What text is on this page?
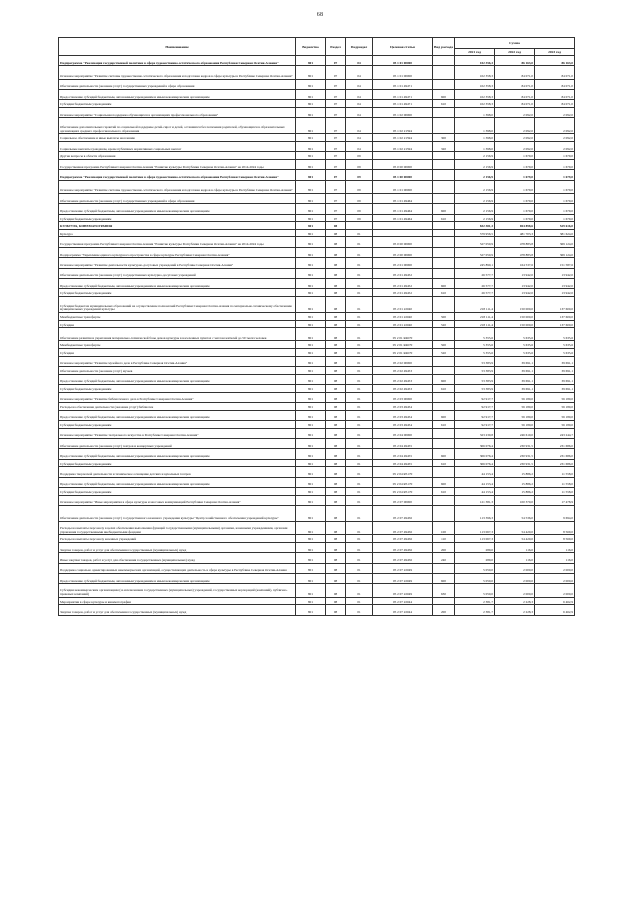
68
Наименование	Ведомство	Раздел	Подраздел	Целевая статья	Вид расхода	Сумма		
						2021 год	2022 год	2023 год
Подпрограмма "Реализация государственной политики в сфере художественно-эстетического образования Республики Северная Осетия-Алания"	801	07	04	05 1 01 00000		102 356,3	86 163,0	86 163,0
Основное мероприятие "Развитие системы художественно-эстетического образования и подготовка кадров в сфере культуры в Республике Северная Осетия-Алания"	801	07	04	05 1 01 00000		102 358,3	84 071,0	84 071,0
Обеспечение деятельности (оказание услуг) государственных учреждений в сфере образования	801	07	04	05 1 01 49471		102 358,3	84 071,0	84 071,0
Предоставление субсидий бюджетным, автономным учреждениям и иным некоммерческим организациям	801	07	04	05 1 01 49471	600	102 358,3	84 071,0	84 071,0
Субсидии бюджетным учреждениям	801	07	04	05 1 01 49471	610	102 358,3	84 071,0	84 071,0
Основное мероприятие "Социальная поддержка обучающихся в организациях профессионального образования"	801	07	04	05 1 02 00000		1 398,0	2 092,0	2 092,0
Обеспечение дополнительных гарантий по социальной поддержке детей-сирот и детей, оставшихся без попечения родителей, обучающихся в образовательных организациях среднего профессионального образования	801	07	04	05 1 02 21594		1 398,0	2 092,0	2 092,0
Социальное обеспечение и иные выплаты населению	801	07	04	05 1 02 21594	300	1 398,0	2 092,0	2 092,0
Социальные выплаты гражданам, кроме публичных нормативных социальных выплат	801	07	04	05 1 02 21594	320	1 398,0	2 092,0	2 092,0
Другие вопросы в области образования	801	07	09			2 156,9	1 679,0	1 679,0
Государственная программа Республики Северная Осетия-Алания "Развитие культуры Республики Северная Осетия-Алания" на 2014-2024 годы	801	07	09	05 0 00 00000		2 156,9	1 679,0	1 679,0
Подпрограмма "Реализация государственной политики в сфере художественно-эстетического образования Республики Северная Осетия-Алания"	801	07	09	05 1 00 00000		2 156,9	1 679,0	1 679,0
Основное мероприятие "Развитие системы художественно-эстетического образования и подготовка кадров в сфере культуры в Республике Северная Осетия-Алания"	801	07	09	05 1 01 00000		2 156,9	1 679,0	1 679,0
Обеспечение деятельности (оказание услуг) государственных учреждений в сфере образования	801	07	09	05 1 01 49464		2 156,9	1 679,0	1 679,0
Предоставление субсидий бюджетным, автономным учреждениям и иным некоммерческим организациям	801	07	09	05 1 01 49464	600	2 156,9	1 679,0	1 679,0
Субсидии бюджетным учреждениям	801	07	09	05 1 01 49464	610	2 156,9	1 679,0	1 679,0
КУЛЬТУРА, КИНЕМАТОГРАФИЯ	801	08				832 381,3	694 898,6	529 616,0
Культура	801	08	01			579 956,5	481 703,3	381 624,0
Государственная программа Республики Северная Осетия-Алания "Развитие культуры Республики Северная Осетия-Алания" на 2014-2024 годы	801	08	01	05 0 00 00000		527 050,9	478 883,8	369 124,0
Подпрограмма "Укрепление единого культурного пространства в сфере культуры Республики Северная Осетия-Алания"	801	08	01	05 2 00 00000		527 050,9	478 883,8	369 124,0
Основное мероприятие "Развитие деятельности культурно-досуговых учреждений в Республике Северная Осетия-Алания"	801	08	01	05 2 01 00000		245 890,1	164 537,6	151 587,6
Обеспечение деятельности (оказание услуг) государственных культурно-досуговых учреждений	801	08	01	05 2 01 49452		26 577,7	13 942,0	13 942,0
Предоставление субсидий бюджетным, автономным учреждениям и иным некоммерческим организациям	801	08	01	05 2 01 49452	600	26 577,7	13 942,0	13 942,0
Субсидии бюджетным учреждениям	801	08	01	05 2 01 49452	610	26 577,7	13 942,0	13 942,0
Субсидии бюджетам муниципальных образований на осуществление полномочий Республики Северная Осетия-Алания по материально-техническому обеспечению муниципальных учреждений культуры	801	08	01	05 2 01 22040		218 111,4	150 000,0	137 600,0
Межбюджетные трансферты	801	08	01	05 2 01 22040	500	218 111,4	150 000,0	137 600,0
Субсидии	801	08	01	05 2 01 22040	520	218 111,4	150 000,0	137 600,0
Обеспечение развития и укрепления материально-технической базы домов культуры в населенных пунктах с числом жителей до 50 тысяч человек	801	08	01	05 2 01 R4670		5 355,6	5 635,6	5 635,6
Межбюджетные трансферты	801	08	01	05 2 01 R4670	500	5 355,6	5 635,6	5 635,6
Субсидии	801	08	01	05 2 01 R4670	520	5 355,6	5 635,6	5 635,6
Основное мероприятие "Развитие музейного дела в Республике Северная Осетия-Алания"	801	08	01	05 2 02 00000		53 383,9	39 691,1	39 691,1
Обеспечение деятельности (оказание услуг) музеев	801	08	01	05 2 02 49453		53 383,9	39 691,1	39 691,1
Предоставление субсидий бюджетным, автономным учреждениям и иным некоммерческим организациям	801	08	01	05 2 02 49453	600	53 383,9	39 691,1	39 691,1
Субсидии бюджетным учреждениям	801	08	01	05 2 02 49453	610	53 383,9	39 691,1	39 691,1
Основное мероприятие "Развитие библиотечного дела в Республике Северная Осетия-Алания"	801	08	01	05 2 03 00000		92 917,7	56 180,0	56 180,0
Расходы на обеспечение деятельности (оказание услуг) библиотек	801	08	01	05 2 03 49454		92 917,7	56 180,0	56 180,0
Предоставление субсидий бюджетным, автономным учреждениям и иным некоммерческим организациям	801	08	01	05 2 03 49454	600	92 917,7	56 180,0	56 180,0
Субсидии бюджетным учреждениям	801	08	01	05 2 03 49454	610	92 917,7	56 180,0	56 180,0
Основное мероприятие "Развитие театрального искусства в Республике Северная Осетия-Алания"	801	08	01	05 2 04 00000		323 230,8	246 610,0	243 244,7
Обеспечение деятельности (оказание услуг) театров и концертных учреждений	801	08	01	05 2 04 49455		306 076,4	230 931,5	231 686,0
Предоставление субсидий бюджетным, автономным учреждениям и иным некоммерческим организациям	801	08	01	05 2 04 49455	600	306 076,4	230 931,5	231 686,0
Субсидии бюджетным учреждениям	801	08	01	05 2 04 49455	610	306 076,4	230 931,5	231 686,0
Поддержка творческой деятельности и техническое оснащение детских и кукольных театров	801	08	01	05 2 04 R5170		44 153,4	15 886,2	11 558,0
Предоставление субсидий бюджетным, автономным учреждениям и иным некоммерческим организациям	801	08	01	05 2 04 R5170	600	44 153,4	15 886,2	11 558,0
Субсидии бюджетным учреждениям	801	08	01	05 2 04 R5170	610	44 153,4	15 886,2	11 558,0
Основное мероприятие "Иные мероприятия в сфере культуры и массовых коммуникаций Республики Северная Осетия-Алания"	801	08	01	05 2 07 00000		121 381,3	100 370,0	17 478,9
Обеспечение деятельности (оказание услуг) государственного казенного учреждения культуры "Центр хозяйственного обеспечения учреждений культуры"	801	08	01	05 2 07 49456		113 396,3	54 536,0	9 694,0
Расходы на выплаты персоналу в целях обеспечения выполнения функций государственными (муниципальными) органами, казенными учреждениями, органами управления государственными внебюджетными фондами	801	08	01	05 2 07 49456	100	113 067,3	54 420,0	8 569,0
Расходы на выплаты персоналу казенных учреждений	801	08	01	05 2 07 49456	110	113 067,3	54 420,0	8 569,0
Закупка товаров, работ и услуг для обеспечения государственных (муниципальных) нужд	801	08	01	05 2 07 49456	200	289,0	116,0	116,0
Иные закупки товаров, работ и услуг для обеспечения государственных (муниципальных) нужд	801	08	01	05 2 07 49456	240	289,0	116,0	116,0
Поддержка социально ориентированных некоммерческих организаций, осуществляющих деятельность в сфере культуры в Республике Северная Осетия-Алания	801	08	01	05 2 07 22049		5 050,0	2 000,0	2 000,0
Предоставление субсидий бюджетным, автономным учреждениям и иным некоммерческим организациям	801	08	01	05 2 07 22049	600	5 050,0	2 000,0	2 000,0
Субсидии некоммерческим организациям (за исключением государственных (муниципальных) учреждений, государственных корпораций (компаний), публично-правовых компаний)	801	08	01	05 2 07 22049	630	5 050,0	2 000,0	2 000,0
Мероприятия в сфере культуры и кинематографии	801	08	01	05 2 07 22044		2 381,7	2 228,3	6 462,9
Закупка товаров, работ и услуг для обеспечения государственных (муниципальных) нужд	801	08	01	05 2 07 22044	200	2 381,7	2 228,3	6 462,9
